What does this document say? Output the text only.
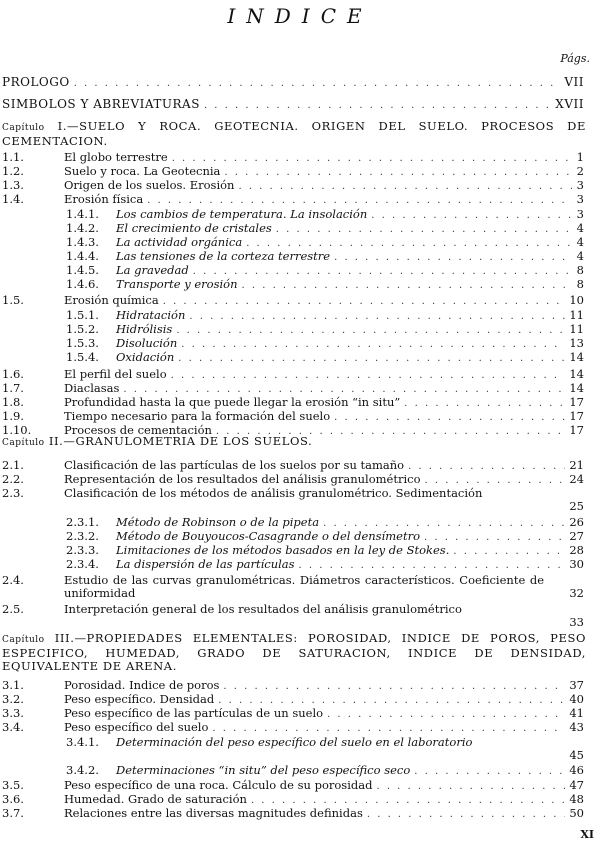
INDICE
Págs.
XI
PROLOGO . . .	VII
SIMBOLOS Y ABREVIATURAS . . .	XVII
Capítulo I.—SUELO Y ROCA. GEOTECNIA. ORIGEN DEL SUELO. PROCESOS DE CEMENTACION.
Capítulo II.—GRANULOMETRIA DE LOS SUELOS.
Capítulo III.—PROPIEDADES ELEMENTALES: POROSIDAD, INDICE DE POROS, PESO ESPECIFICO, HUMEDAD, GRADO DE SATURACION, INDICE DE DENSIDAD, EQUIVALENTE DE ARENA.
1.1.	El globo terrestre . . .	1
1.2.	Suelo y roca. La Geotecnia . . .	2
1.3.	Origen de los suelos. Erosión . . .	3
1.4.	Erosión física . . .	3
1.4.1.	Los cambios de temperatura. La insolación . . .	3
1.4.2.	El crecimiento de cristales . . .	4
1.4.3.	La actividad orgánica . . .	4
1.4.4.	Las tensiones de la corteza terrestre . . .	4
1.4.5.	La gravedad . . .	8
1.4.6.	Transporte y erosión . . .	8
1.5.	Erosión química . . .	10
1.5.1.	Hidratación . . .	11
1.5.2.	Hidrólisis . . .	11
1.5.3.	Disolución . . .	13
1.5.4.	Oxidación . . .	14
1.6.	El perfil del suelo . . .	14
1.7.	Diaclasas . . .	14
1.8.	Profundidad hasta la que puede llegar la erosión “in situ” . . .	17
1.9.	Tiempo necesario para la formación del suelo . . .	17
1.10.	Procesos de cementación . . .	17
2.1.	Clasificación de las partículas de los suelos por su tamaño . . .	21
2.2.	Representación de los resultados del análisis granulométrico . . .	24
2.3.	Clasificación de los métodos de análisis granulométrico. Sedimentación
25
2.3.1.	Método de Robinson o de la pipeta . . .	26
2.3.2.	Método de Bouyoucos-Casagrande o del densímetro . . .	27
2.3.3.	Limitaciones de los métodos basados en la ley de Stokes. . . .	28
2.3.4.	La dispersión de las partículas . . .	30
2.4.	Estudio de las curvas granulométricas. Diámetros característicos. Coeficiente de uniformidad	32
2.5.	Interpretación general de los resultados del análisis granulométrico
33
3.1.	Porosidad. Indice de poros . . .	37
3.2.	Peso específico. Densidad . . .	40
3.3.	Peso específico de las partículas de un suelo . . .	41
3.4.	Peso específico del suelo . . .	43
3.4.1. Determinación del peso específico del suelo en el laboratorio
45
3.4.2.	Determinaciones “in situ” del peso específico seco . . .	46
3.5.	Peso específico de una roca. Cálculo de su porosidad . . .	47
3.6.	Humedad. Grado de saturación . . .	48
3.7.	Relaciones entre las diversas magnitudes definidas . . .	50
